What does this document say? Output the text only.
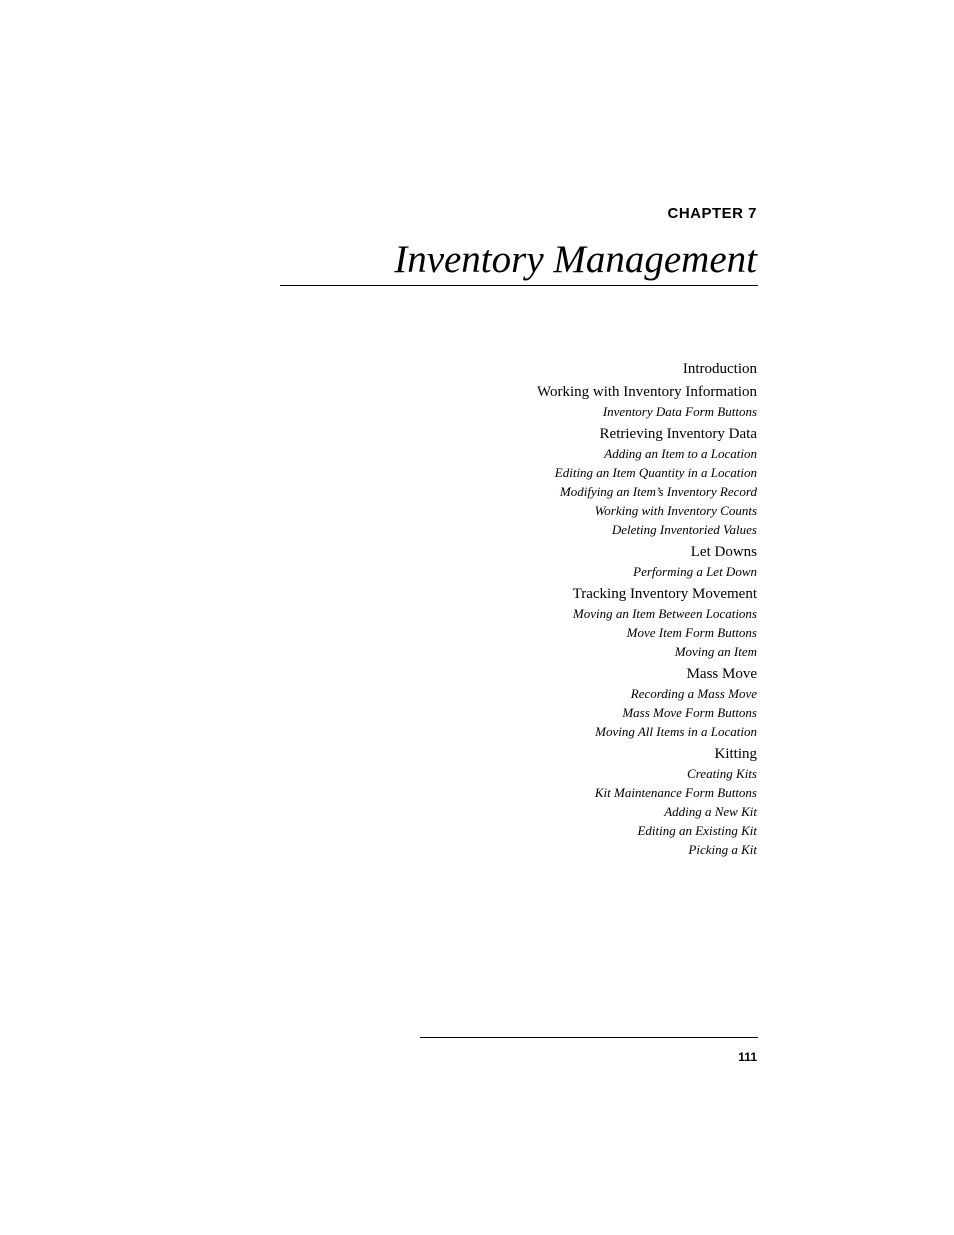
CHAPTER 7

Inventory Management
Introduction
Working with Inventory Information
Inventory Data Form Buttons
Retrieving Inventory Data
Adding an Item to a Location
Editing an Item Quantity in a Location
Modifying an Item’s Inventory Record
Working with Inventory Counts
Deleting Inventoried Values
Let Downs
Performing a Let Down
Tracking Inventory Movement
Moving an Item Between Locations
Move Item Form Buttons
Moving an Item
Mass Move
Recording a Mass Move
Mass Move Form Buttons
Moving All Items in a Location
Kitting
Creating Kits
Kit Maintenance Form Buttons
Adding a New Kit
Editing an Existing Kit
Picking a Kit

111
